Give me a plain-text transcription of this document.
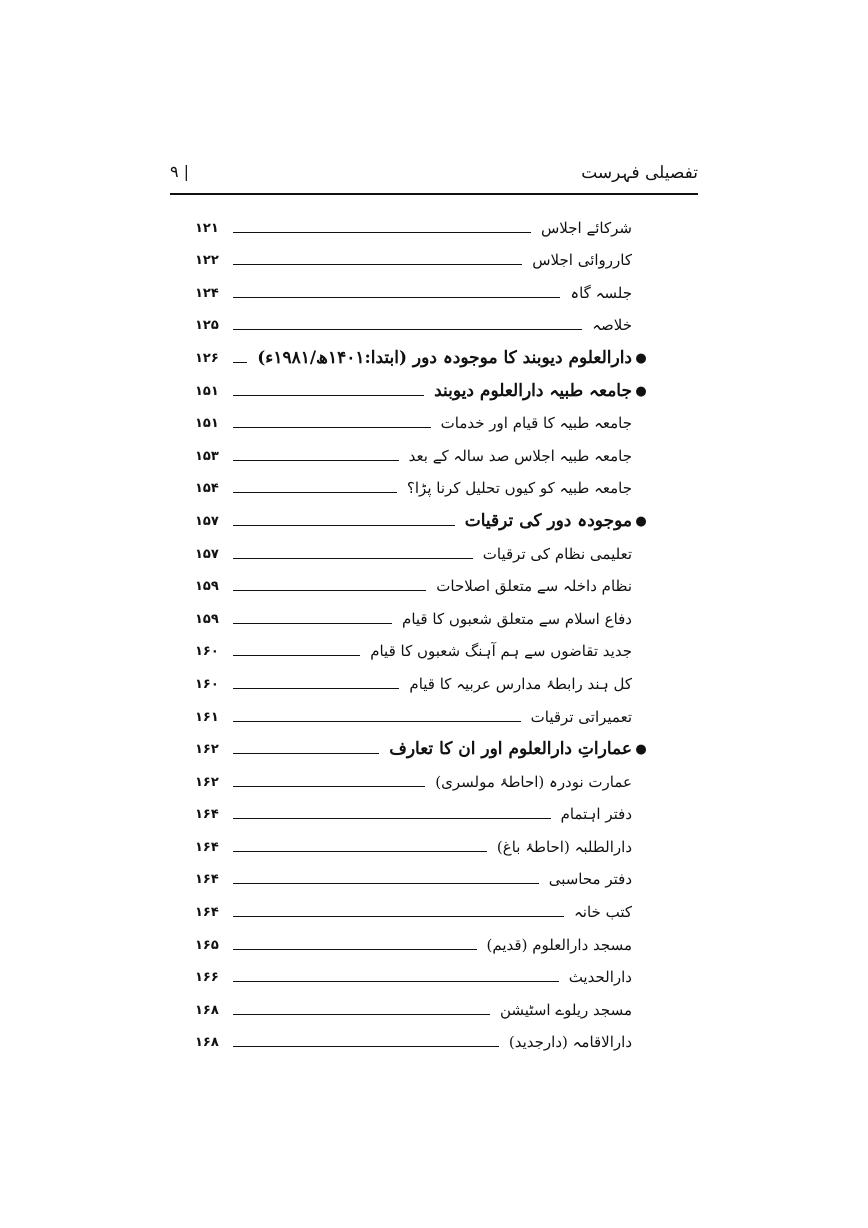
تفصیلی فہرست
۹ |
شرکائے اجلاس
۱۲۱
کارروائی اجلاس
۱۲۲
جلسہ گاہ
۱۲۴
خلاصہ
۱۲۵
●
دارالعلوم دیوبند کا موجودہ دور (ابتدا:۱۴۰۱ھ/۱۹۸۱ء)
۱۲۶
●
جامعہ طبیہ دارالعلوم دیوبند
۱۵۱
جامعہ طبیہ کا قیام اور خدمات
۱۵۱
جامعہ طبیہ اجلاس صد سالہ کے بعد
۱۵۳
جامعہ طبیہ کو کیوں تحلیل کرنا پڑا؟
۱۵۴
●
موجودہ دور کی ترقیات
۱۵۷
تعلیمی نظام کی ترقیات
۱۵۷
نظام داخلہ سے متعلق اصلاحات
۱۵۹
دفاع اسلام سے متعلق شعبوں کا قیام
۱۵۹
جدید تقاضوں سے ہم آہنگ شعبوں کا قیام
۱۶۰
کل ہند رابطۂ مدارس عربیہ کا قیام
۱۶۰
تعمیراتی ترقیات
۱۶۱
●
عماراتِ دارالعلوم اور ان کا تعارف
۱۶۲
عمارت نودرہ (احاطۂ مولسری)
۱۶۲
دفتر اہتمام
۱۶۴
دارالطلبہ (احاطۂ باغ)
۱۶۴
دفتر محاسبی
۱۶۴
کتب خانہ
۱۶۴
مسجد دارالعلوم (قدیم)
۱۶۵
دارالحدیث
۱۶۶
مسجد ریلوے اسٹیشن
۱۶۸
دارالاقامہ (دارجدید)
۱۶۸
